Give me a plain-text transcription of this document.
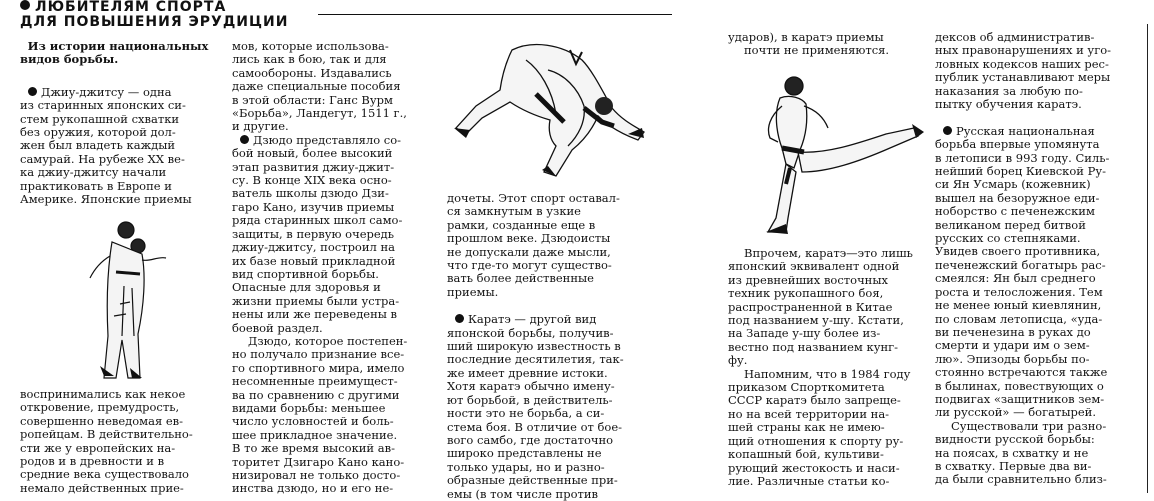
ЛЮБИТЕЛЯМ СПОРТА
ДЛЯ ПОВЫШЕНИЯ ЭРУДИЦИИ
Из истории национальных
видов борьбы.
Джиу-джитсу — одна
из старинных японских си-
стем рукопашной схватки
без оружия, которой дол-
жен был владеть каждый
самурай. На рубеже XX ве-
ка джиу-джитсу начали
практиковать в Европе и
Америке. Японские приемы
воспринимались как некое
откровение, премудрость,
совершенно неведомая ев-
ропейцам. В действительно-
сти же у европейских на-
родов и в древности и в
средние века существовало
немало действенных прие-
мов, которые использова-
лись как в бою, так и для
самообороны. Издавались
даже специальные пособия
в этой области: Ганс Вурм
«Борьба», Ландегут, 1511 г.,
и другие.
Дзюдо представляло со-
бой новый, более высокий
этап развития джиу-джит-
су. В конце XIX века осно-
ватель школы дзюдо Дзи-
гаро Кано, изучив приемы
ряда старинных школ само-
защиты, в первую очередь
джиу-джитсу, построил на
их базе новый прикладной
вид спортивной борьбы.
Опасные для здоровья и
жизни приемы были устра-
нены или же переведены в
боевой раздел.
Дзюдо, которое постепен-
но получало признание все-
го спортивного мира, имело
несомненные преимущест-
ва по сравнению с другими
видами борьбы: меньшее
число условностей и боль-
шее прикладное значение.
В то же время высокий ав-
торитет Дзигаро Кано кано-
низировал не только досто-
инства дзюдо, но и его не-
дочеты. Этот спорт оставал-
ся замкнутым в узкие
рамки, созданные еще в
прошлом веке. Дзюдоисты
не допускали даже мысли,
что где-то могут существо-
вать более действенные
приемы.
Каратэ — другой вид
японской борьбы, получив-
ший широкую известность в
последние десятилетия, так-
же имеет древние истоки.
Хотя каратэ обычно имену-
ют борьбой, в действитель-
ности это не борьба, а си-
стема боя. В отличие от бое-
вого самбо, где достаточно
широко представлены не
только удары, но и разно-
образные действенные при-
емы (в том числе против
ударов), в каратэ приемы
почти не применяются.
Впрочем, каратэ—это лишь
японский эквивалент одной
из древнейших восточных
техник рукопашного боя,
распространенной в Китае
под названием у-шу. Кстати,
на Западе у-шу более из-
вестно под названием кунг-
фу.
Напомним, что в 1984 году
приказом Спорткомитета
СССР каратэ было запреще-
но на всей территории на-
шей страны как не имею-
щий отношения к спорту ру-
копашный бой, культиви-
рующий жестокость и наси-
лие. Различные статьи ко-
дексов об административ-
ных правонарушениях и уго-
ловных кодексов наших рес-
публик устанавливают меры
наказания за любую по-
пытку обучения каратэ.
Русская национальная
борьба впервые упомянута
в летописи в 993 году. Силь-
нейший борец Киевской Ру-
си Ян Усмарь (кожевник)
вышел на безоружное еди-
ноборство с печенежским
великаном перед битвой
русских со степняками.
Увидев своего противника,
печенежский богатырь рас-
смеялся: Ян был среднего
роста и телосложения. Тем
не менее юный киевлянин,
по словам летописца, «уда-
ви печенезина в руках до
смерти и удари им о зем-
лю». Эпизоды борьбы по-
стоянно встречаются также
в былинах, повествующих о
подвигах «защитников зем-
ли русской» — богатырей.
Существовали три разно-
видности русской борьбы:
на поясах, в схватку и не
в схватку. Первые два ви-
да были сравнительно близ-
